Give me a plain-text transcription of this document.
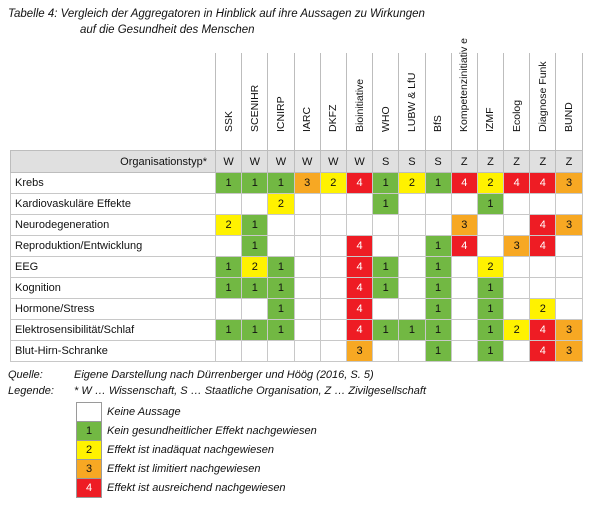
Tabelle 4: Vergleich der Aggregatoren in Hinblick auf ihre Aussagen zu Wirkungen
auf die Gesundheit des Menschen

	SSK	SCENIHR	ICNIRP	IARC	DKFZ	Bioinitiative	WHO	LUBW & LfU	BfS	Kompetenzinitiativ e	IZMF	Ecolog	Diagnose Funk	BUND

Organisationstyp*	W	W	W	W	W	W	S	S	S	Z	Z	Z	Z	Z
Krebs	1	1	1	3	2	4	1	2	1	4	2	4	4	3
Kardiovaskuläre Effekte			2				1				1			
Neurodegeneration	2	1								3			4	3
Reproduktion/Entwicklung		1				4			1	4		3	4	
EEG	1	2	1			4	1		1		2			
Kognition	1	1	1			4	1		1		1			
Hormone/Stress			1			4			1		1		2	
Elektrosensibilität/Schlaf	1	1	1			4	1	1	1		1	2	4	3
Blut-Hirn-Schranke						3			1		1		4	3
Quelle:	Eigene Darstellung nach Dürrenberger und Höög (2016, S. 5)
Legende: * W … Wissenschaft, S … Staatliche Organisation, Z … Zivilgesellschaft
	Keine Aussage
1	Kein gesundheitlicher Effekt nachgewiesen
2	Effekt ist inadäquat nachgewiesen
3	Effekt ist limitiert nachgewiesen
4	Effekt ist ausreichend nachgewiesen
